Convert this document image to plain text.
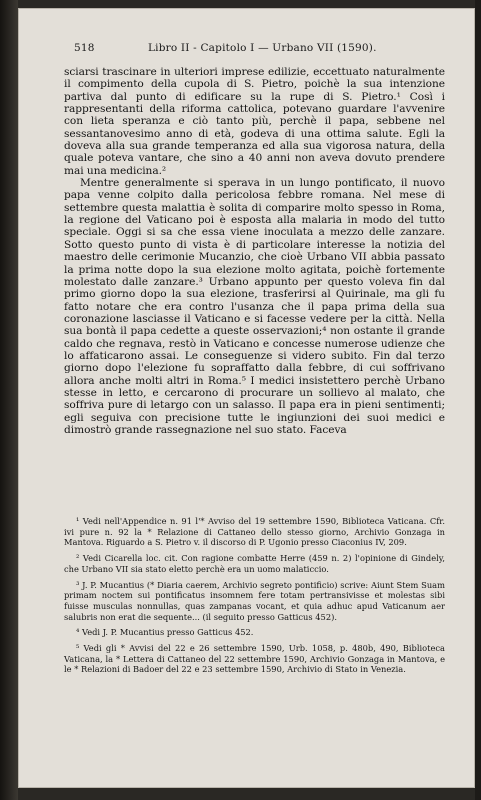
518	Libro II - Capitolo I — Urbano VII (1590).

sciarsi trascinare in ulteriori imprese edilizie, eccettuato naturalmente il compimento della cupola di S. Pietro, poichè la sua intenzione partiva dal punto di edificare su la rupe di S. Pietro.¹ Così i rappresentanti della riforma cattolica, potevano guardare l'avvenire con lieta speranza e ciò tanto più, perchè il papa, sebbene nel sessantanovesimo anno di età, godeva di una ottima salute. Egli la doveva alla sua grande temperanza ed alla sua vigorosa natura, della quale poteva vantare, che sino a 40 anni non aveva dovuto prendere mai una medicina.²

Mentre generalmente si sperava in un lungo pontificato, il nuovo papa venne colpito dalla pericolosa febbre romana. Nel mese di settembre questa malattia è solita di comparire molto spesso in Roma, la regione del Vaticano poi è esposta alla malaria in modo del tutto speciale. Oggi si sa che essa viene inoculata a mezzo delle zanzare. Sotto questo punto di vista è di particolare interesse la notizia del maestro delle cerimonie Mucanzio, che cioè Urbano VII abbia passato la prima notte dopo la sua elezione molto agitata, poichè fortemente molestato dalle zanzare.³ Urbano appunto per questo voleva fin dal primo giorno dopo la sua elezione, trasferirsi al Quirinale, ma gli fu fatto notare che era contro l'usanza che il papa prima della sua coronazione lasciasse il Vaticano e si facesse vedere per la città. Nella sua bontà il papa cedette a queste osservazioni;⁴ non ostante il grande caldo che regnava, restò in Vaticano e concesse numerose udienze che lo affaticarono assai. Le conseguenze si videro subito. Fin dal terzo giorno dopo l'elezione fu sopraffatto dalla febbre, di cui soffrivano allora anche molti altri in Roma.⁵ I medici insistettero perchè Urbano stesse in letto, e cercarono di procurare un sollievo al malato, che soffriva pure di letargo con un salasso. Il papa era in pieni sentimenti; egli seguiva con precisione tutte le ingiunzioni dei suoi medici e dimostrò grande rassegnazione nel suo stato. Faceva

¹ Vedi nell'Appendice n. 91 l'* Avviso del 19 settembre 1590, Biblioteca Vaticana. Cfr. ivi pure n. 92 la * Relazione di Cattaneo dello stesso giorno, Archivio Gonzaga in Mantova. Riguardo a S. Pietro v. il discorso di P. Ugonio presso Ciaconius IV, 209.

² Vedi Cicarella loc. cit. Con ragione combatte Herre (459 n. 2) l'opinione di Gindely, che Urbano VII sia stato eletto perchè era un uomo malaticcio.

³ J. P. Mucantius (* Diaria caerem, Archivio segreto pontificio) scrive: Aiunt Stem Suam primam noctem sui pontificatus insomnem fere totam pertransivisse et molestas sibi fuisse musculas nonnullas, quas zampanas vocant, et quia adhuc apud Vaticanum aer salubris non erat die sequente... (il seguito presso Gatticus 452).

⁴ Vedi J. P. Mucantius presso Gatticus 452.

⁵ Vedi gli * Avvisi del 22 e 26 settembre 1590, Urb. 1058, p. 480b, 490, Biblioteca Vaticana, la * Lettera di Cattaneo del 22 settembre 1590, Archivio Gonzaga in Mantova, e le * Relazioni di Badoer del 22 e 23 settembre 1590, Archivio di Stato in Venezia.
